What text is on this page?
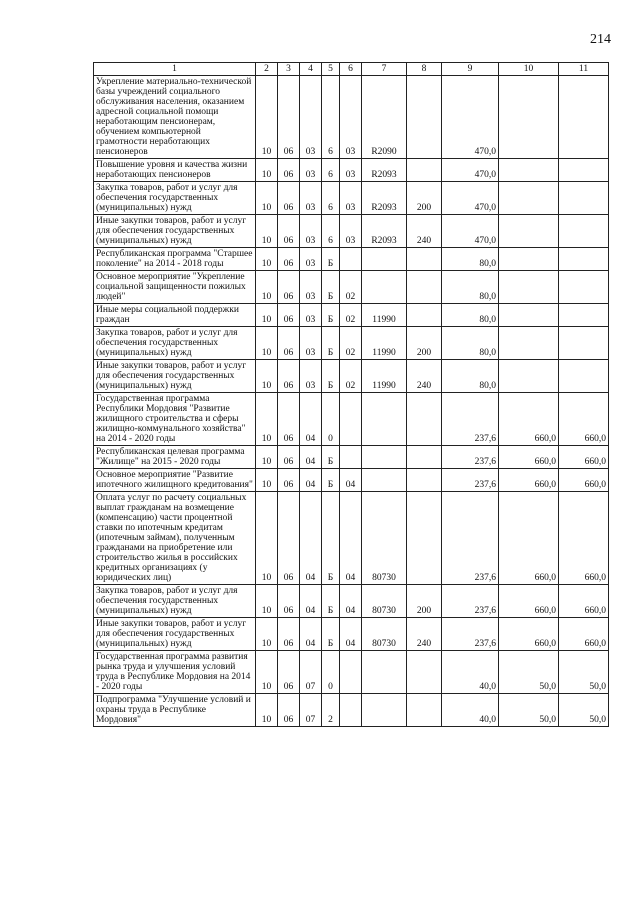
214
1	2	3	4	5	6	7	8	9	10	11
Укрепление материально-технической базы учреждений социального обслуживания населения, оказанием адресной социальной помощи неработающим пенсионерам, обучением компьютерной грамотности неработающих пенсионеров	10	06	03	6	03	R2090		470,0		
Повышение уровня и качества жизни неработающих пенсионеров	10	06	03	6	03	R2093		470,0		
Закупка товаров, работ и услуг для обеспечения государственных (муниципальных) нужд	10	06	03	6	03	R2093	200	470,0		
Иные закупки товаров, работ и услуг для обеспечения государственных (муниципальных) нужд	10	06	03	6	03	R2093	240	470,0		
Республиканская программа "Старшее поколение" на 2014 - 2018 годы	10	06	03	Б				80,0		
Основное мероприятие "Укрепление социальной защищенности пожилых людей"	10	06	03	Б	02			80,0		
Иные меры социальной поддержки граждан	10	06	03	Б	02	11990		80,0		
Закупка товаров, работ и услуг для обеспечения государственных (муниципальных) нужд	10	06	03	Б	02	11990	200	80,0		
Иные закупки товаров, работ и услуг для обеспечения государственных (муниципальных) нужд	10	06	03	Б	02	11990	240	80,0		
Государственная программа Республики Мордовия "Развитие жилищного строительства и сферы жилищно-коммунального хозяйства" на 2014 - 2020 годы	10	06	04	0				237,6	660,0	660,0
Республиканская целевая программа "Жилище" на 2015 - 2020 годы	10	06	04	Б				237,6	660,0	660,0
Основное мероприятие "Развитие ипотечного жилищного кредитования"	10	06	04	Б	04			237,6	660,0	660,0
Оплата услуг по расчету социальных выплат гражданам на возмещение (компенсацию) части процентной ставки по ипотечным кредитам (ипотечным займам), полученным гражданами на приобретение или строительство жилья в российских кредитных организациях (у юридических лиц)	10	06	04	Б	04	80730		237,6	660,0	660,0
Закупка товаров, работ и услуг для обеспечения государственных (муниципальных) нужд	10	06	04	Б	04	80730	200	237,6	660,0	660,0
Иные закупки товаров, работ и услуг для обеспечения государственных (муниципальных) нужд	10	06	04	Б	04	80730	240	237,6	660,0	660,0
Государственная программа развития рынка труда и улучшения условий труда в Республике Мордовия на 2014 - 2020 годы	10	06	07	0				40,0	50,0	50,0
Подпрограмма "Улучшение условий и охраны труда в Республике Мордовия"	10	06	07	2				40,0	50,0	50,0
